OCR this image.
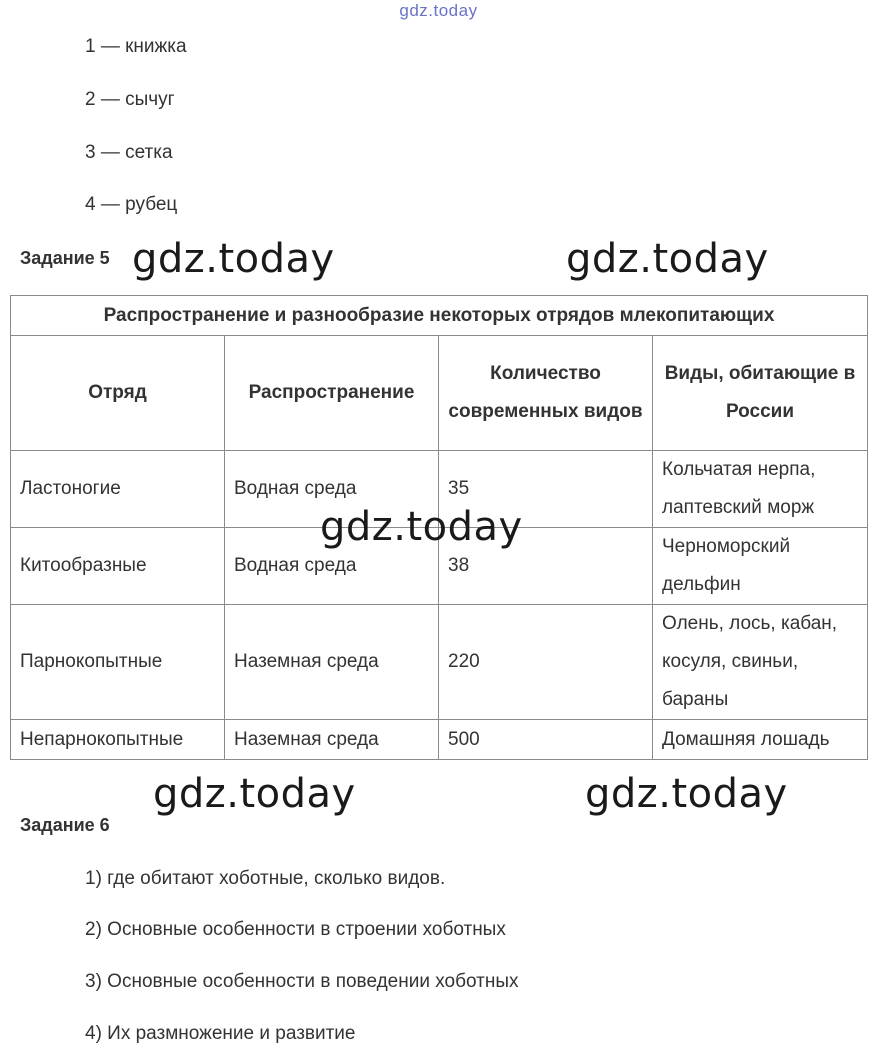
gdz.today
1 — книжка
2 — сычуг
3 — сетка
4 — рубец
Задание 5 gdz.today	gdz.today
gdz.today
gdz.today	gdz.today
Распространение и разнообразие некоторых отрядов млекопитающих			
Отряд	Распространение	Количество современных видов	Виды, обитающие в России
Ластоногие	Водная среда	35	Кольчатая нерпа, лаптевский морж
Китообразные	Водная среда	38	Черноморский дельфин
Парнокопытные	Наземная среда	220	Олень, лось, кабан, косуля, свиньи, бараны
Непарнокопытные	Наземная среда	500	Домашняя лошадь
Задание 6
1) где обитают хоботные, сколько видов.
2) Основные особенности в строении хоботных
3) Основные особенности в поведении хоботных
4) Их размножение и развитие
